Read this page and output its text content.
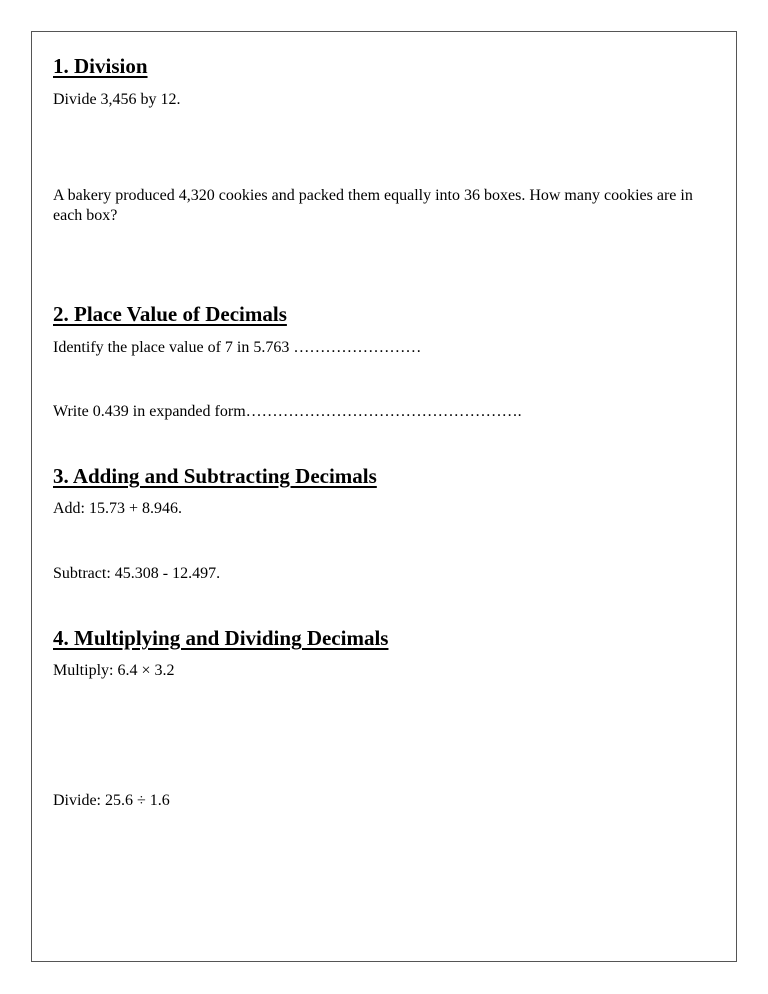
1. Division

Divide 3,456 by 12.

A bakery produced 4,320 cookies and packed them equally into 36 boxes. How many cookies are in each box?

2. Place Value of Decimals

Identify the place value of 7 in 5.763 ……………………

Write 0.439 in expanded form…………………………………………….

3. Adding and Subtracting Decimals

Add: 15.73 + 8.946.

Subtract: 45.308 - 12.497.

4. Multiplying and Dividing Decimals

Multiply: 6.4 × 3.2

Divide: 25.6 ÷ 1.6
